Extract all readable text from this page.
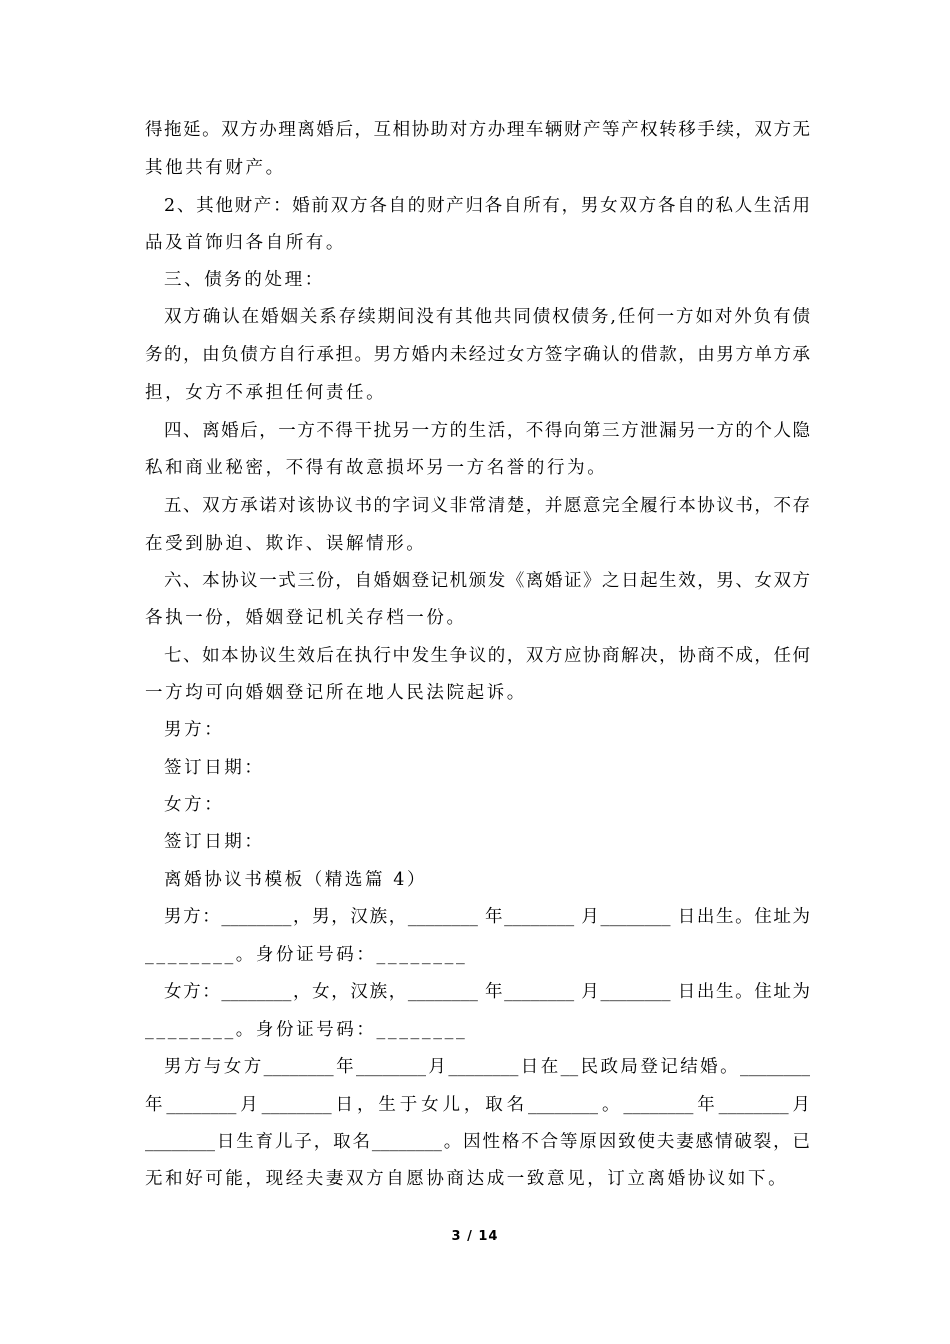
得拖延。双方办理离婚后，互相协助对方办理车辆财产等产权转移手续，双方无
其他共有财产。
2、其他财产：婚前双方各自的财产归各自所有，男女双方各自的私人生活用
品及首饰归各自所有。
三、债务的处理：
双方确认在婚姻关系存续期间没有其他共同债权债务,任何一方如对外负有债
务的，由负债方自行承担。男方婚内未经过女方签字确认的借款，由男方单方承
担，女方不承担任何责任。
四、离婚后，一方不得干扰另一方的生活，不得向第三方泄漏另一方的个人隐
私和商业秘密，不得有故意损坏另一方名誉的行为。
五、双方承诺对该协议书的字词义非常清楚，并愿意完全履行本协议书，不存
在受到胁迫、欺诈、误解情形。
六、本协议一式三份，自婚姻登记机颁发《离婚证》之日起生效，男、女双方
各执一份，婚姻登记机关存档一份。
七、如本协议生效后在执行中发生争议的，双方应协商解决，协商不成，任何
一方均可向婚姻登记所在地人民法院起诉。
男方：
签订日期：
女方：
签订日期：
离婚协议书模板（精选篇 4）
男方：________，男，汉族，________ 年________ 月________ 日出生。住址为
________。身份证号码：________
女方：________，女，汉族，________ 年________ 月________ 日出生。住址为
________。身份证号码：________
男方与女方________年________月________日在__民政局登记结婚。________
年________月________日，生于女儿，取名________。________年________月
________日生育儿子，取名________。因性格不合等原因致使夫妻感情破裂，已
无和好可能，现经夫妻双方自愿协商达成一致意见，订立离婚协议如下。
3 / 14
